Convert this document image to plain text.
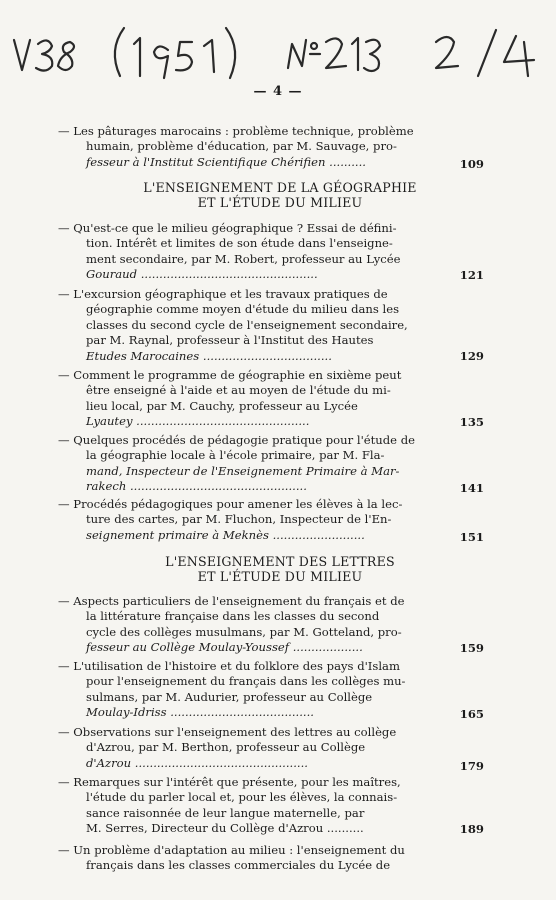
— 4 —
— Les pâturages marocains : problème technique, problème
humain, problème d'éducation, par M. Sauvage, pro-
fesseur à l'Institut Scientifique Chérifien ..........	109
L'ENSEIGNEMENT DE LA GÉOGRAPHIE
ET L'ÉTUDE DU MILIEU
— Qu'est-ce que le milieu géographique ? Essai de défini-
tion. Intérêt et limites de son étude dans l'enseigne-
ment secondaire, par M. Robert, professeur au Lycée
Gouraud ................................................	121
— L'excursion géographique et les travaux pratiques de
géographie comme moyen d'étude du milieu dans les
classes du second cycle de l'enseignement secondaire,
par M. Raynal, professeur à l'Institut des Hautes
Etudes Marocaines ...................................	129
— Comment le programme de géographie en sixième peut
être enseigné à l'aide et au moyen de l'étude du mi-
lieu local, par M. Cauchy, professeur au Lycée
Lyautey ...............................................	135
— Quelques procédés de pédagogie pratique pour l'étude de
la géographie locale à l'école primaire, par M. Fla-
mand, Inspecteur de l'Enseignement Primaire à Mar-
rakech ................................................	141
— Procédés pédagogiques pour amener les élèves à la lec-
ture des cartes, par M. Fluchon, Inspecteur de l'En-
seignement primaire à Meknès .........................	151
L'ENSEIGNEMENT DES LETTRES
ET L'ÉTUDE DU MILIEU
— Aspects particuliers de l'enseignement du français et de
la littérature française dans les classes du second
cycle des collèges musulmans, par M. Gotteland, pro-
fesseur au Collège Moulay-Youssef ...................	159
— L'utilisation de l'histoire et du folklore des pays d'Islam
pour l'enseignement du français dans les collèges mu-
sulmans, par M. Audurier, professeur au Collège
Moulay-Idriss .......................................	165
— Observations sur l'enseignement des lettres au collège
d'Azrou, par M. Berthon, professeur au Collège
d'Azrou ...............................................	179
— Remarques sur l'intérêt que présente, pour les maîtres,
l'étude du parler local et, pour les élèves, la connais-
sance raisonnée de leur langue maternelle, par
M. Serres, Directeur du Collège d'Azrou ..........	189
— Un problème d'adaptation au milieu : l'enseignement du
français dans les classes commerciales du Lycée de
